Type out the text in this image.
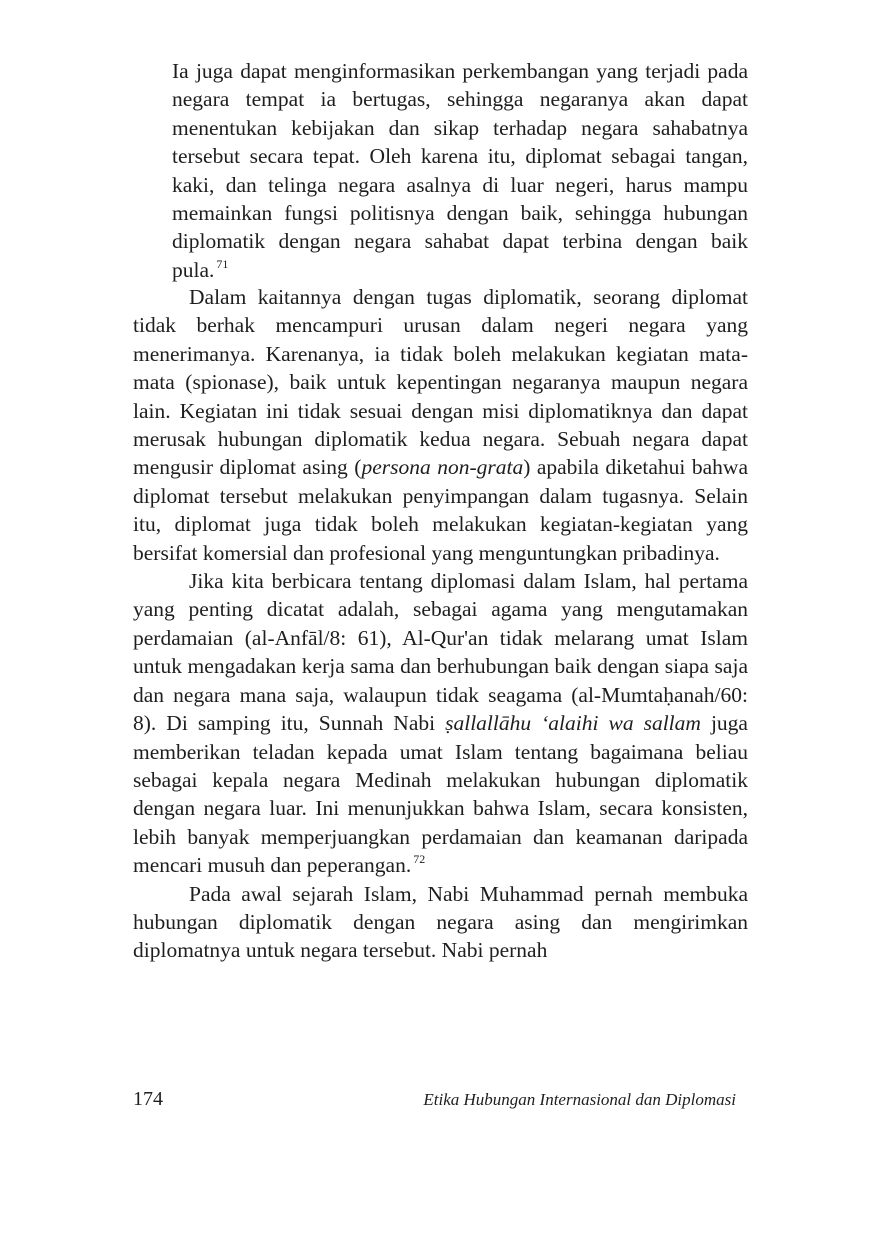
Ia juga dapat menginformasikan perkembangan yang terjadi pada negara tempat ia bertugas, sehingga negaranya akan dapat menentukan kebijakan dan sikap terhadap negara sahabatnya tersebut secara tepat. Oleh karena itu, diplomat sebagai tangan, kaki, dan telinga negara asalnya di luar negeri, harus mampu memainkan fungsi politisnya dengan baik, sehingga hubungan diplomatik dengan negara sahabat dapat terbina dengan baik pula. $^{71}$

Dalam kaitannya dengan tugas diplomatik, seorang diplomat tidak berhak mencampuri urusan dalam negeri negara yang menerimanya. Karenanya, ia tidak boleh melakukan kegiatan mata-mata (spionase), baik untuk kepentingan negaranya maupun negara lain. Kegiatan ini tidak sesuai dengan misi diplomatiknya dan dapat merusak hubungan diplomatik kedua negara. Sebuah negara dapat mengusir diplomat asing (persona non-grata) apabila diketahui bahwa diplomat tersebut melakukan penyimpangan dalam tugasnya. Selain itu, diplomat juga tidak boleh melakukan kegiatan-kegiatan yang bersifat komersial dan profesional yang menguntungkan pribadinya.

Jika kita berbicara tentang diplomasi dalam Islam, hal pertama yang penting dicatat adalah, sebagai agama yang mengutamakan perdamaian (al-Anfāl/8: 61), Al-Qur'an tidak melarang umat Islam untuk mengadakan kerja sama dan berhubungan baik dengan siapa saja dan negara mana saja, walaupun tidak seagama (al-Mumtaḥanah/60: 8). Di samping itu, Sunnah Nabi ṣallallāhu ‘alaihi wa sallam juga memberikan teladan kepada umat Islam tentang bagaimana beliau sebagai kepala negara Medinah melakukan hubungan diplomatik dengan negara luar. Ini menunjukkan bahwa Islam, secara konsisten, lebih banyak memperjuangkan perdamaian dan keamanan daripada mencari musuh dan peperangan. $^{72}$

Pada awal sejarah Islam, Nabi Muhammad pernah membuka hubungan diplomatik dengan negara asing dan mengirimkan diplomatnya untuk negara tersebut. Nabi pernah

174	Etika Hubungan Internasional dan Diplomasi
